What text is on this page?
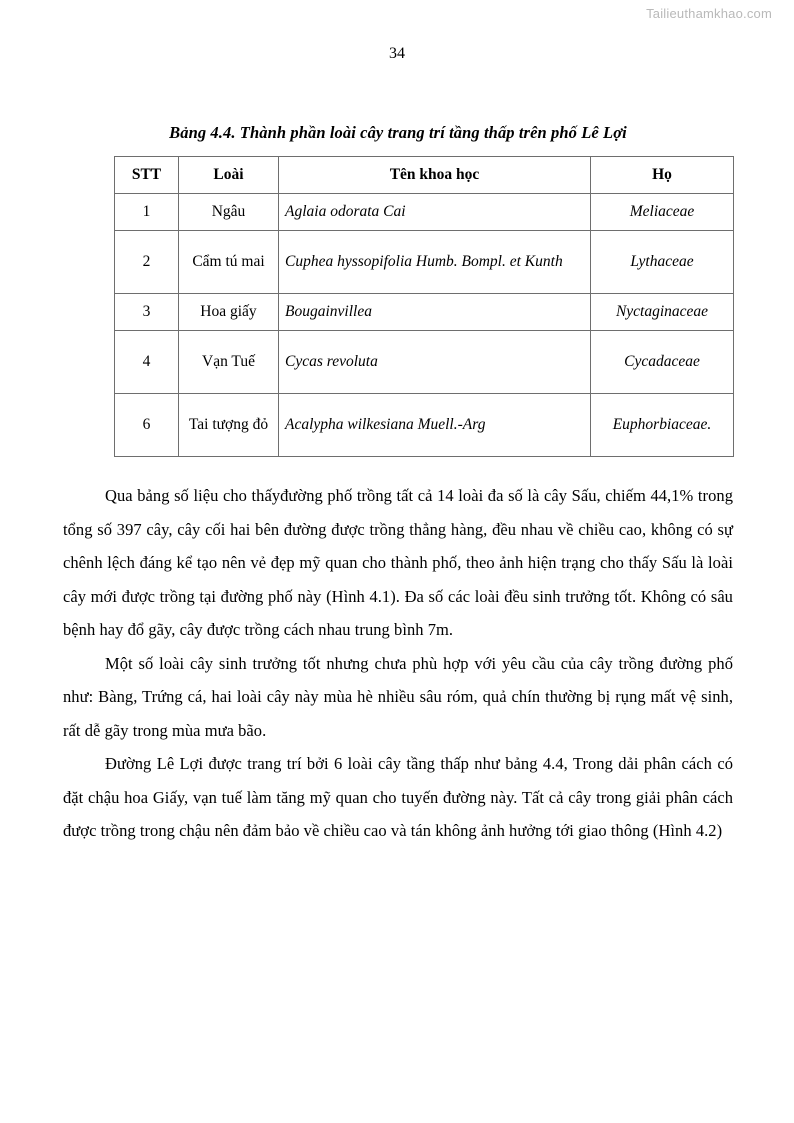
Tailieuthamkhao.com
34
Bảng 4.4. Thành phần loài cây trang trí tầng thấp trên phố Lê Lợi
STT	Loài	Tên khoa học	Họ
1	Ngâu	Aglaia odorata Cai	Meliaceae
2	Cẩm tú mai	Cuphea hyssopifolia Humb. Bompl. et Kunth	Lythaceae
3	Hoa giấy	Bougainvillea	Nyctaginaceae
4	Vạn Tuế	Cycas revoluta	Cycadaceae
6	Tai tượng đỏ	Acalypha wilkesiana Muell.-Arg	Euphorbiaceae.

Qua bảng số liệu cho thấyđường phố trồng tất cả 14 loài đa số là cây Sấu, chiếm 44,1% trong tổng số 397 cây, cây cối hai bên đường được trồng thẳng hàng, đều nhau về chiều cao, không có sự chênh lệch đáng kể tạo nên vẻ đẹp mỹ quan cho thành phố, theo ảnh hiện trạng cho thấy Sấu là loài cây mới được trồng tại đường phố này (Hình 4.1). Đa số các loài đều sinh trưởng tốt. Không có sâu bệnh hay đổ gãy, cây được trồng cách nhau trung bình 7m.

Một số loài cây sinh trưởng tốt nhưng chưa phù hợp với yêu cầu của cây trồng đường phố như: Bàng, Trứng cá, hai loài cây này mùa hè nhiều sâu róm, quả chín thường bị rụng mất vệ sinh, rất dễ gãy trong mùa mưa bão.

Đường Lê Lợi được trang trí bởi 6 loài cây tầng thấp như bảng 4.4, Trong dải phân cách có đặt chậu hoa Giấy, vạn tuế làm tăng mỹ quan cho tuyến đường này. Tất cả cây trong giải phân cách được trồng trong chậu nên đảm bảo về chiều cao và tán không ảnh hưởng tới giao thông (Hình 4.2)
